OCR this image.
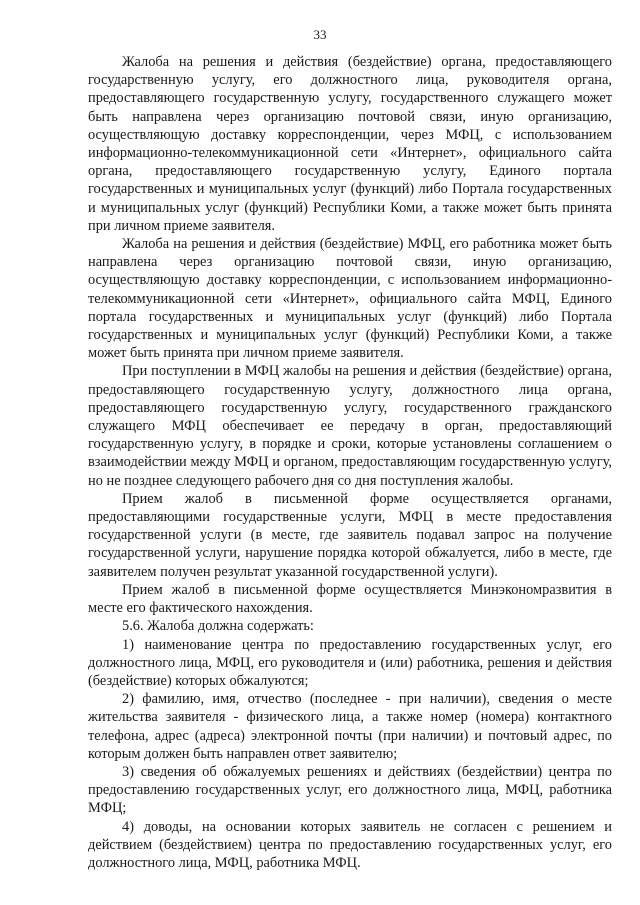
33

Жалоба на решения и действия (бездействие) органа, предоставляющего государственную услугу, его должностного лица, руководителя органа, предоставляющего государственную услугу, государственного служащего может быть направлена через организацию почтовой связи, иную организацию, осуществляющую доставку корреспонденции, через МФЦ, с использованием информационно-телекоммуникационной сети «Интернет», официального сайта органа, предоставляющего государственную услугу, Единого портала государственных и муниципальных услуг (функций) либо Портала государственных и муниципальных услуг (функций) Республики Коми, а также может быть принята при личном приеме заявителя.

Жалоба на решения и действия (бездействие) МФЦ, его работника может быть направлена через организацию почтовой связи, иную организацию, осуществляющую доставку корреспонденции, с использованием информационно-телекоммуникационной сети «Интернет», официального сайта МФЦ, Единого портала государственных и муниципальных услуг (функций) либо Портала государственных и муниципальных услуг (функций) Республики Коми, а также может быть принята при личном приеме заявителя.

При поступлении в МФЦ жалобы на решения и действия (бездействие) органа, предоставляющего государственную услугу, должностного лица органа, предоставляющего государственную услугу, государственного гражданского служащего МФЦ обеспечивает ее передачу в орган, предоставляющий государственную услугу, в порядке и сроки, которые установлены соглашением о взаимодействии между МФЦ и органом, предоставляющим государственную услугу, но не позднее следующего рабочего дня со дня поступления жалобы.

Прием жалоб в письменной форме осуществляется органами, предоставляющими государственные услуги, МФЦ в месте предоставления государственной услуги (в месте, где заявитель подавал запрос на получение государственной услуги, нарушение порядка которой обжалуется, либо в месте, где заявителем получен результат указанной государственной услуги).

Прием жалоб в письменной форме осуществляется Минэкономразвития в месте его фактического нахождения.

5.6. Жалоба должна содержать:

1) наименование центра по предоставлению государственных услуг, его должностного лица, МФЦ, его руководителя и (или) работника, решения и действия (бездействие) которых обжалуются;

2) фамилию, имя, отчество (последнее - при наличии), сведения о месте жительства заявителя - физического лица, а также номер (номера) контактного телефона, адрес (адреса) электронной почты (при наличии) и почтовый адрес, по которым должен быть направлен ответ заявителю;

3) сведения об обжалуемых решениях и действиях (бездействии) центра по предоставлению государственных услуг, его должностного лица, МФЦ, работника МФЦ;

4) доводы, на основании которых заявитель не согласен с решением и действием (бездействием) центра по предоставлению государственных услуг, его должностного лица, МФЦ, работника МФЦ.
